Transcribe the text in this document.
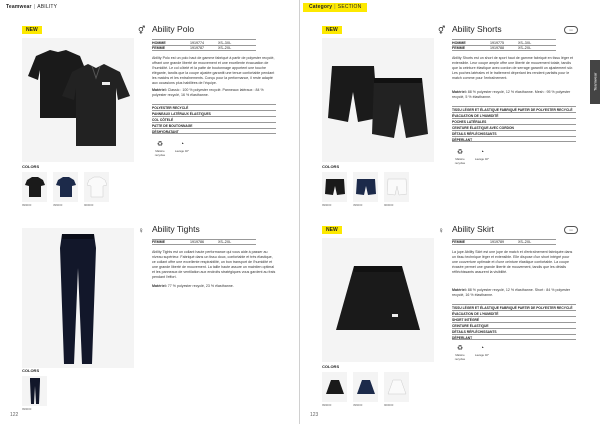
Teamwear | ABILITY
NEW	⚥ Ability Polo
HOMME	1919774	XS–3XL
FEMME	1919787	XS–2XL
Ability Polo est un polo haut de gamme fabriqué à partir de polyester recyclé, offrant une grande liberté de mouvement et une excellente évacuation de l'humidité. Le col côtelé et la patte de boutonnage apportent une touche élégante, tandis que la coupe ajustée garantit une tenue confortable pendant les matchs et les entraînements. Conçu pour la performance, il reste adapté aux occasions plus habillées de l'équipe.
Matériel: Classic : 100 % polyester recyclé. Panneaux latéraux : 84 % polyester recyclé, 16 % élasthanne.
POLYESTER RECYCLÉ
PANNEAUX LATÉRAUX ÉLASTIQUES
COL CÔTELÉ
PATTE DE BOUTONNAGE
DÉSHYDRATANT
♻
Matière recyclée
◔
Lavage 40°
COLORS
999000	396000	900000
♀ Ability Tights
FEMME	1919786	XS–2XL
Ability Tights est un collant haute performance qui vous aide à passer au niveau supérieur. Fabriqué dans un tissu doux, confortable et très élastique, ce collant offre une excellente respirabilité, un bon transport de l'humidité et une grande liberté de mouvement. La taille haute assure un maintien optimal et les panneaux de ventilation aux endroits stratégiques vous gardent au frais pendant l'effort.
Matériel: 77 % polyester recyclé, 23 % élasthanne.
COLORS
999000
122
Category | SECTION
Teamwear
NEW	⚥	▭
Ability Shorts
HOMME	1919775	XS–3XL
FEMME	1919788	XS–2XL
Ability Shorts est un short de sport haut de gamme fabriqué en tissu léger et extensible. Leur coupe ample offre une liberté de mouvement totale, tandis que la ceinture élastique avec cordon de serrage garantit un ajustement sûr. Les poches latérales et le traitement déperlant les rendent parfaits pour le match comme pour l'entraînement.
Matériel: 88 % polyester recyclé, 12 % élasthanne. Mesh : 95 % polyester recyclé, 5 % élasthanne.
TISSU LÉGER ET ÉLASTIQUE FABRIQUÉ PARTIR DE POLYESTER RECYCLÉ
ÉVACUATION DE L'HUMIDITÉ
POCHES LATÉRALES
CEINTURE ÉLASTIQUE AVEC CORDON
DÉTAILS RÉFLÉCHISSANTS
DÉPERLANT
♻
Matière recyclée
◔
Lavage 40°
COLORS
999000	396000	900000
NEW	♀	▭
Ability Skirt
FEMME	1919789	XS–2XL
La jupe Ability Skirt est une jupe de match et d'entraînement fabriquée dans un tissu technique léger et extensible. Elle dispose d'un short intégré pour une couverture optimale et d'une ceinture élastique confortable. La coupe évasée permet une grande liberté de mouvement, tandis que les détails réfléchissants assurent la visibilité.
Matériel: 88 % polyester recyclé, 12 % élasthanne. Short : 84 % polyester recyclé, 16 % élasthanne.
TISSU LÉGER ET ÉLASTIQUE FABRIQUÉ PARTIR DE POLYESTER RECYCLÉ
ÉVACUATION DE L'HUMIDITÉ
SHORT INTÉGRÉ
CEINTURE ÉLASTIQUE
DÉTAILS RÉFLÉCHISSANTS
DÉPERLANT
♻
Matière recyclée
◔
Lavage 40°
COLORS
999000	396000	900000
123
